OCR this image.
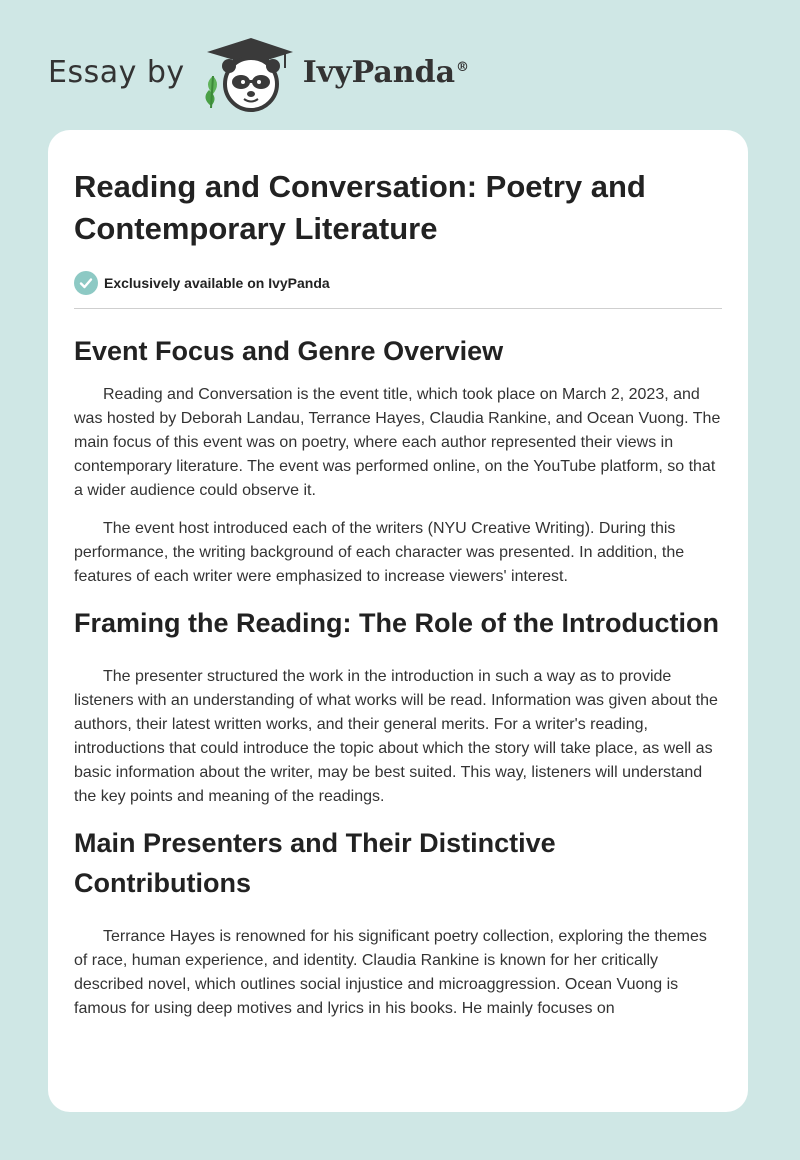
Essay by	IvyPanda®
Reading and Conversation: Poetry and Contemporary Literature
Exclusively available on IvyPanda
Event Focus and Genre Overview

Reading and Conversation is the event title, which took place on March 2, 2023, and was hosted by Deborah Landau, Terrance Hayes, Claudia Rankine, and Ocean Vuong. The main focus of this event was on poetry, where each author represented their views in contemporary literature. The event was performed online, on the YouTube platform, so that a wider audience could observe it.

The event host introduced each of the writers (NYU Creative Writing). During this performance, the writing background of each character was presented. In addition, the features of each writer were emphasized to increase viewers' interest.

Framing the Reading: The Role of the Introduction

The presenter structured the work in the introduction in such a way as to provide listeners with an understanding of what works will be read. Information was given about the authors, their latest written works, and their general merits. For a writer's reading, introductions that could introduce the topic about which the story will take place, as well as basic information about the writer, may be best suited. This way, listeners will understand the key points and meaning of the readings.

Main Presenters and Their Distinctive Contributions

Terrance Hayes is renowned for his significant poetry collection, exploring the themes of race, human experience, and identity. Claudia Rankine is known for her critically described novel, which outlines social injustice and microaggression. Ocean Vuong is famous for using deep motives and lyrics in his books. He mainly focuses on
